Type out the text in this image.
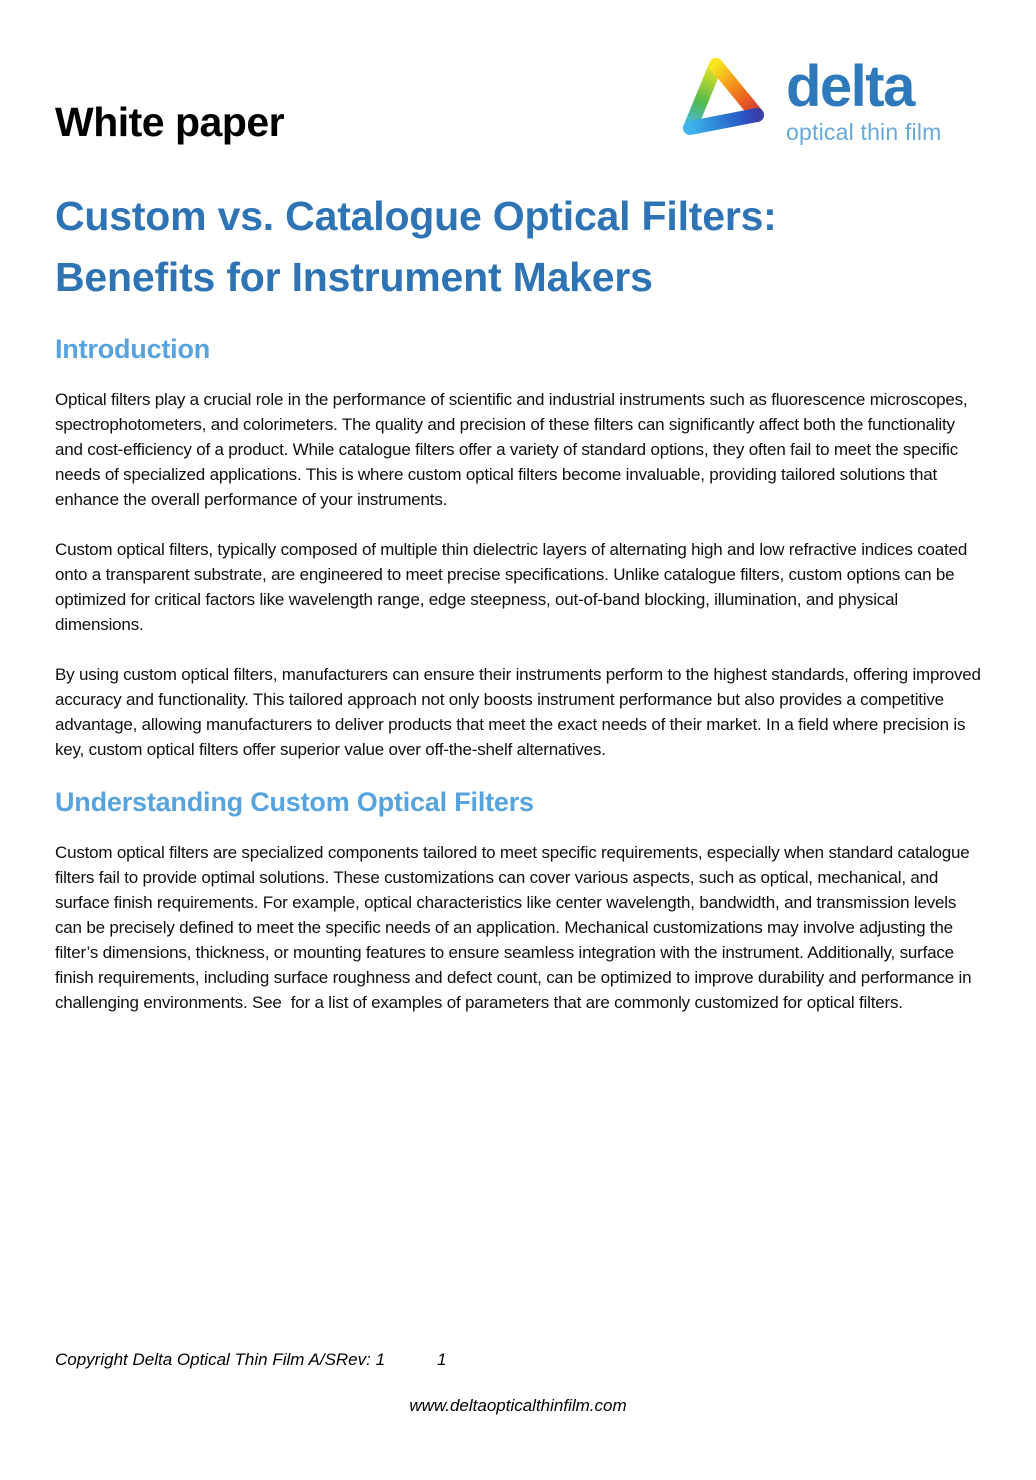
White paper
delta
optical thin film
Custom vs. Catalogue Optical Filters:
Benefits for Instrument Makers
Introduction

Optical filters play a crucial role in the performance of scientific and industrial instruments such as fluorescence microscopes, spectrophotometers, and colorimeters. The quality and precision of these filters can significantly affect both the functionality and cost-efficiency of a product. While catalogue filters offer a variety of standard options, they often fail to meet the specific needs of specialized applications. This is where custom optical filters become invaluable, providing tailored solutions that enhance the overall performance of your instruments.

Custom optical filters, typically composed of multiple thin dielectric layers of alternating high and low refractive indices coated onto a transparent substrate, are engineered to meet precise specifications. Unlike catalogue filters, custom options can be optimized for critical factors like wavelength range, edge steepness, out-of-band blocking, illumination, and physical dimensions.

By using custom optical filters, manufacturers can ensure their instruments perform to the highest standards, offering improved accuracy and functionality. This tailored approach not only boosts instrument performance but also provides a competitive advantage, allowing manufacturers to deliver products that meet the exact needs of their market. In a field where precision is key, custom optical filters offer superior value over off-the-shelf alternatives.

Understanding Custom Optical Filters

Custom optical filters are specialized components tailored to meet specific requirements, especially when standard catalogue filters fail to provide optimal solutions. These customizations can cover various aspects, such as optical, mechanical, and surface finish requirements. For example, optical characteristics like center wavelength, bandwidth, and transmission levels can be precisely defined to meet the specific needs of an application. Mechanical customizations may involve adjusting the filter’s dimensions, thickness, or mounting features to ensure seamless integration with the instrument. Additionally, surface finish requirements, including surface roughness and defect count, can be optimized to improve durability and performance in challenging environments. See  for a list of examples of parameters that are commonly customized for optical filters.

Copyright Delta Optical Thin Film A/SRev: 1	1
www.deltaopticalthinfilm.com
